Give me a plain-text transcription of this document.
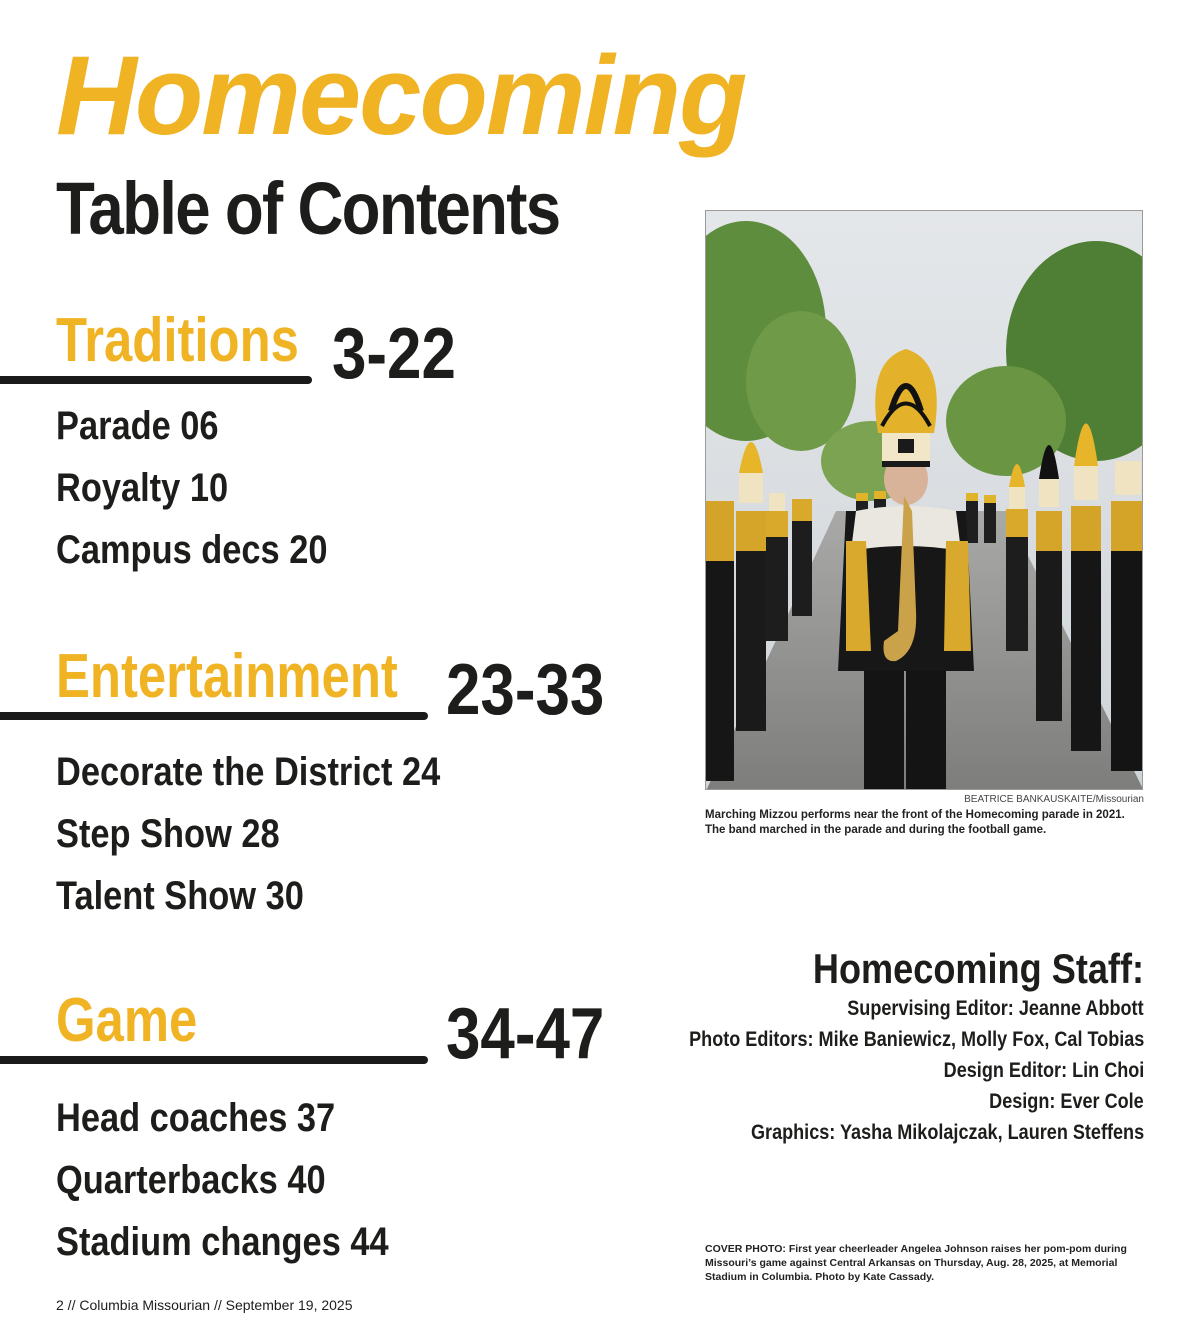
Homecoming
Table of Contents
Traditions 3-22
Parade 06
Royalty 10
Campus decs 20
Entertainment 23-33
Decorate the District 24
Step Show 28
Talent Show 30
Game	34-47
Head coaches 37
Quarterbacks 40
Stadium changes 44
BEATRICE BANKAUSKAITE/Missourian
Marching Mizzou performs near the front of the Homecoming parade in 2021. The band marched in the parade and during the football game.
Homecoming Staff:
Supervising Editor: Jeanne Abbott
Photo Editors: Mike Baniewicz, Molly Fox, Cal Tobias
Design Editor: Lin Choi
Design: Ever Cole
Graphics: Yasha Mikolajczak, Lauren Steffens
COVER PHOTO: First year cheerleader Angelea Johnson raises her pom-pom during Missouri’s game against Central Arkansas on Thursday, Aug. 28, 2025, at Memorial Stadium in Columbia. Photo by Kate Cassady.
2 // Columbia Missourian // September 19, 2025
